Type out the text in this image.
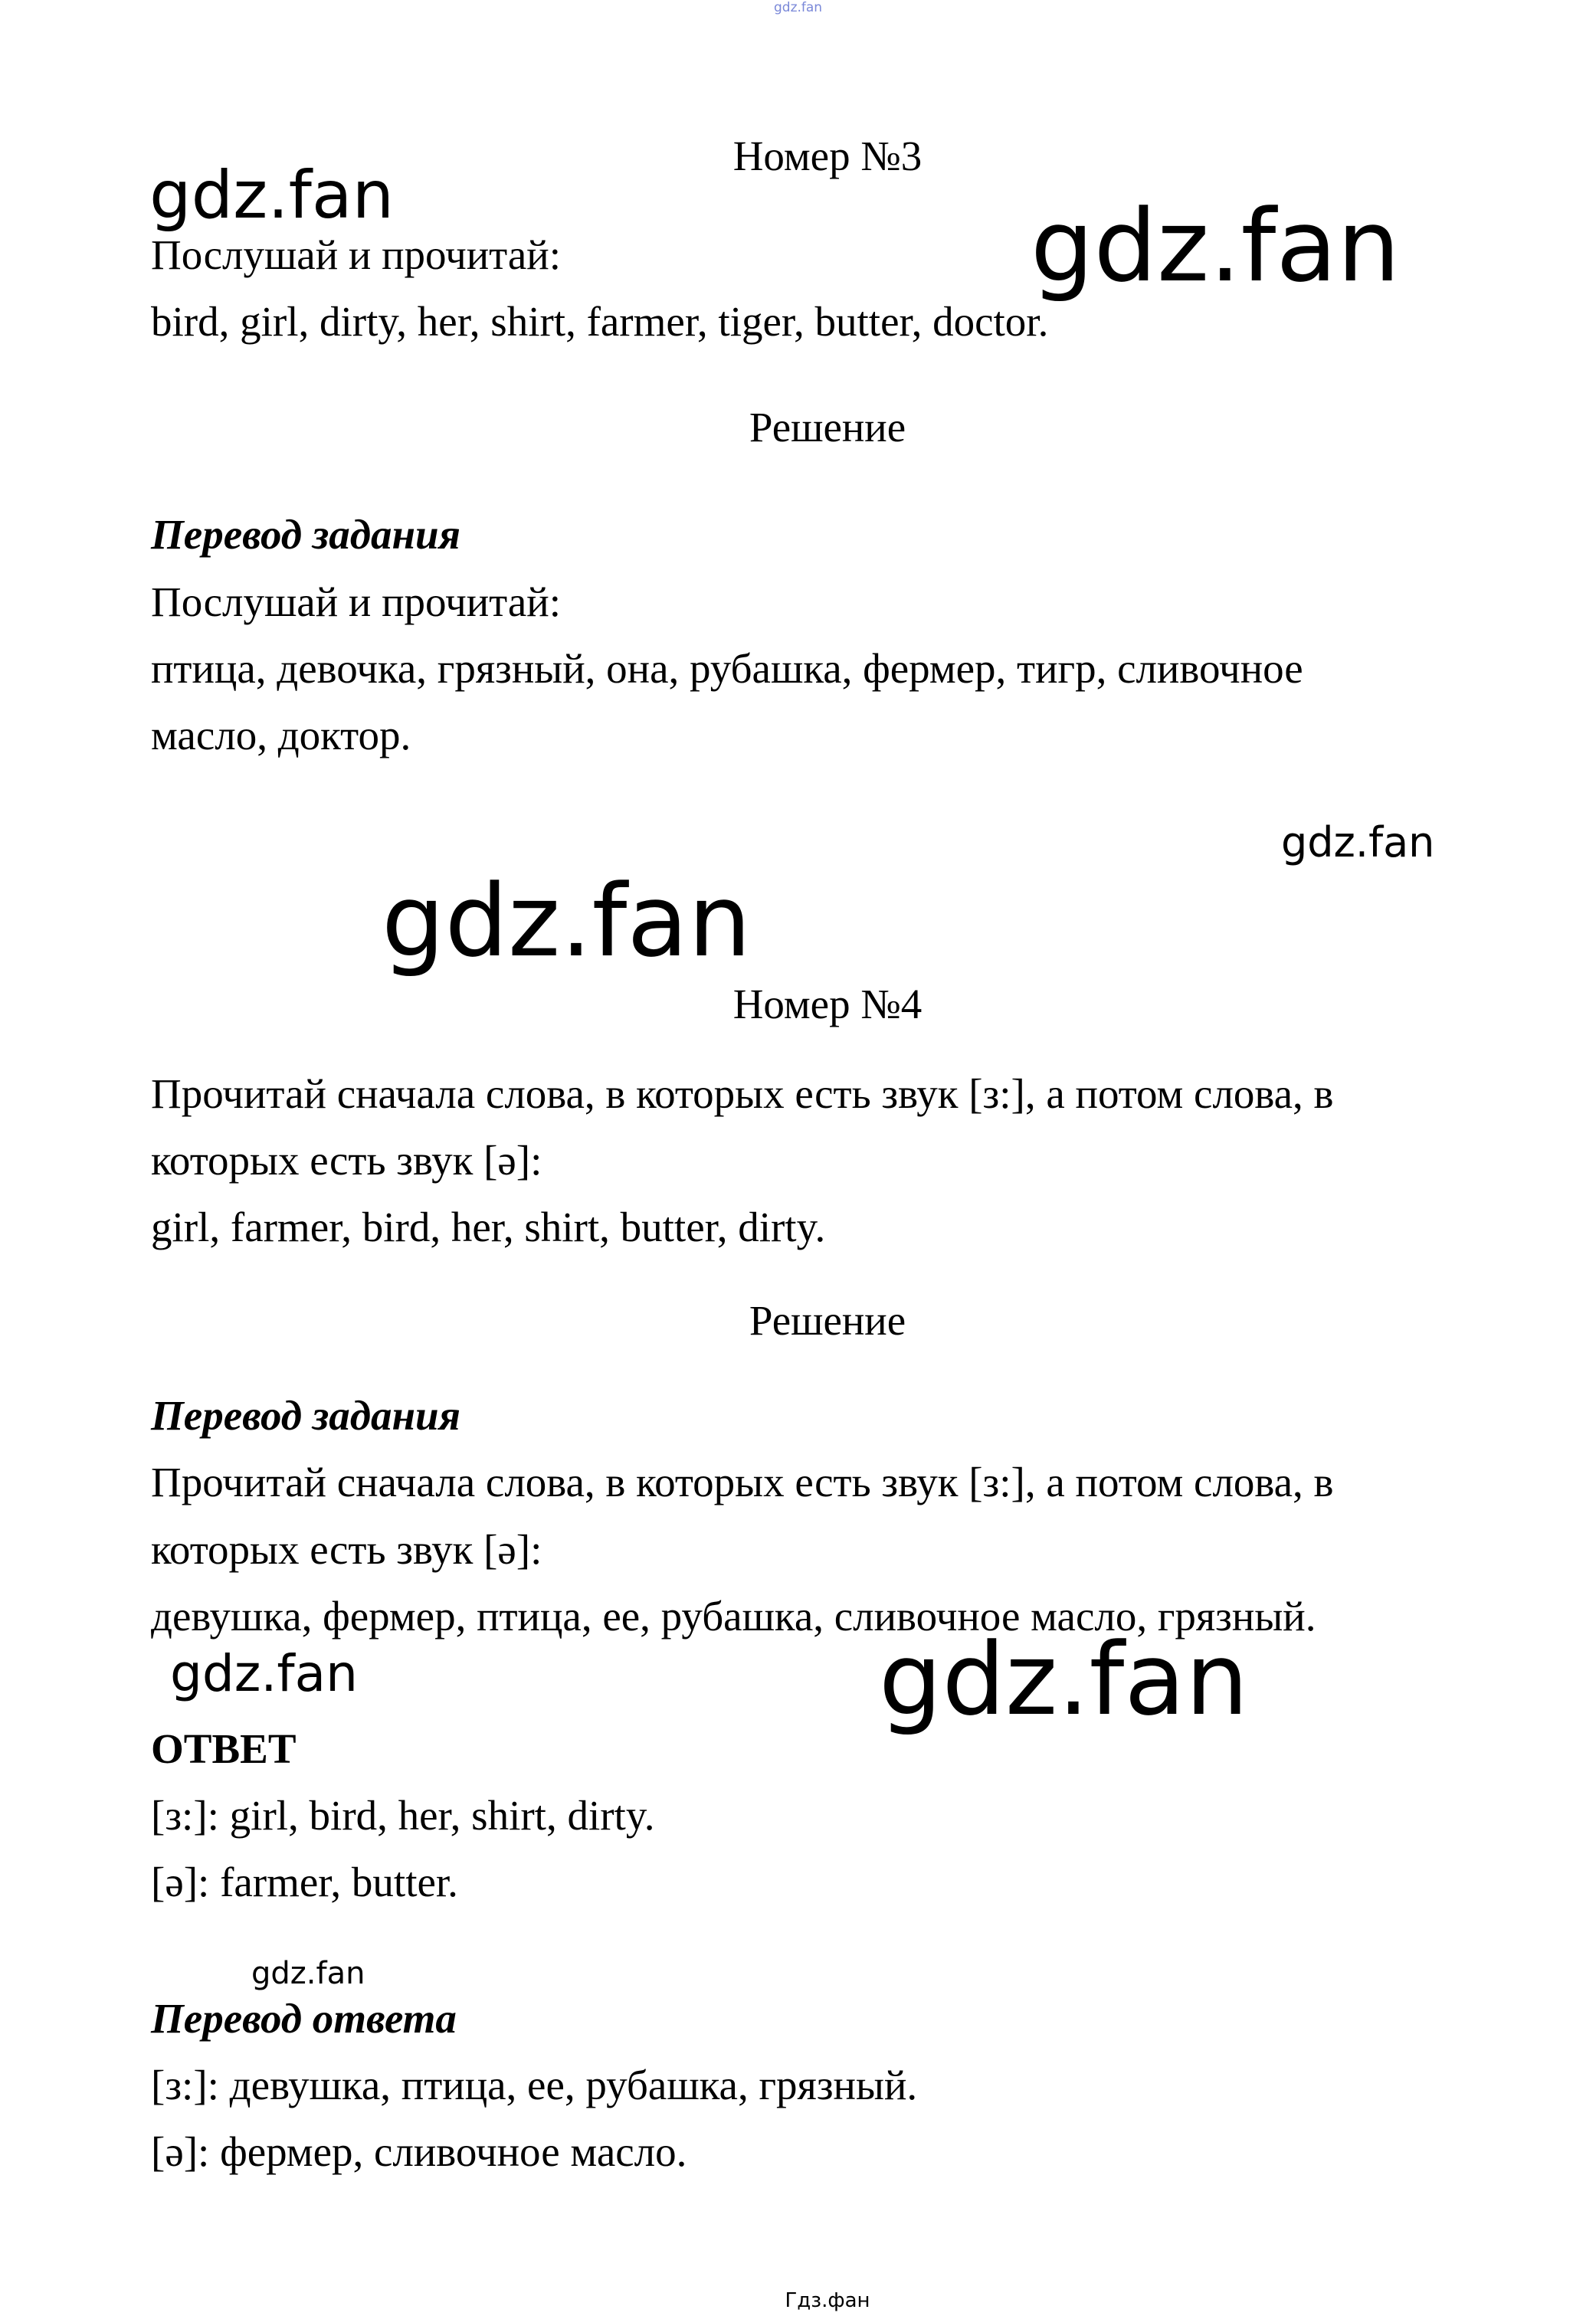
gdz.fan
Номер №3
Послушай и прочитай:
bird, girl, dirty, her, shirt, farmer, tiger, butter, doctor.
Решение
Перевод задания
Послушай и прочитай:
птица, девочка, грязный, она, рубашка, фермер, тигр, сливочное
масло, доктор.
Номер №4
Прочитай сначала слова, в которых есть звук [з:], а потом слова, в
которых есть звук [ə]:
girl, farmer, bird, her, shirt, butter, dirty.
Решение
Перевод задания
Прочитай сначала слова, в которых есть звук [з:], а потом слова, в
которых есть звук [ə]:
девушка, фермер, птица, ее, рубашка, сливочное масло, грязный.
ОТВЕТ
[з:]: girl, bird, her, shirt, dirty.
[ə]: farmer, butter.
Перевод ответа
[з:]: девушка, птица, ее, рубашка, грязный.
[ə]: фермер, сливочное масло.
gdz.fan	gdz.fan
gdz.fan
gdz.fan
gdz.fan	gdz.fan
gdz.fan
Гдз.фан
